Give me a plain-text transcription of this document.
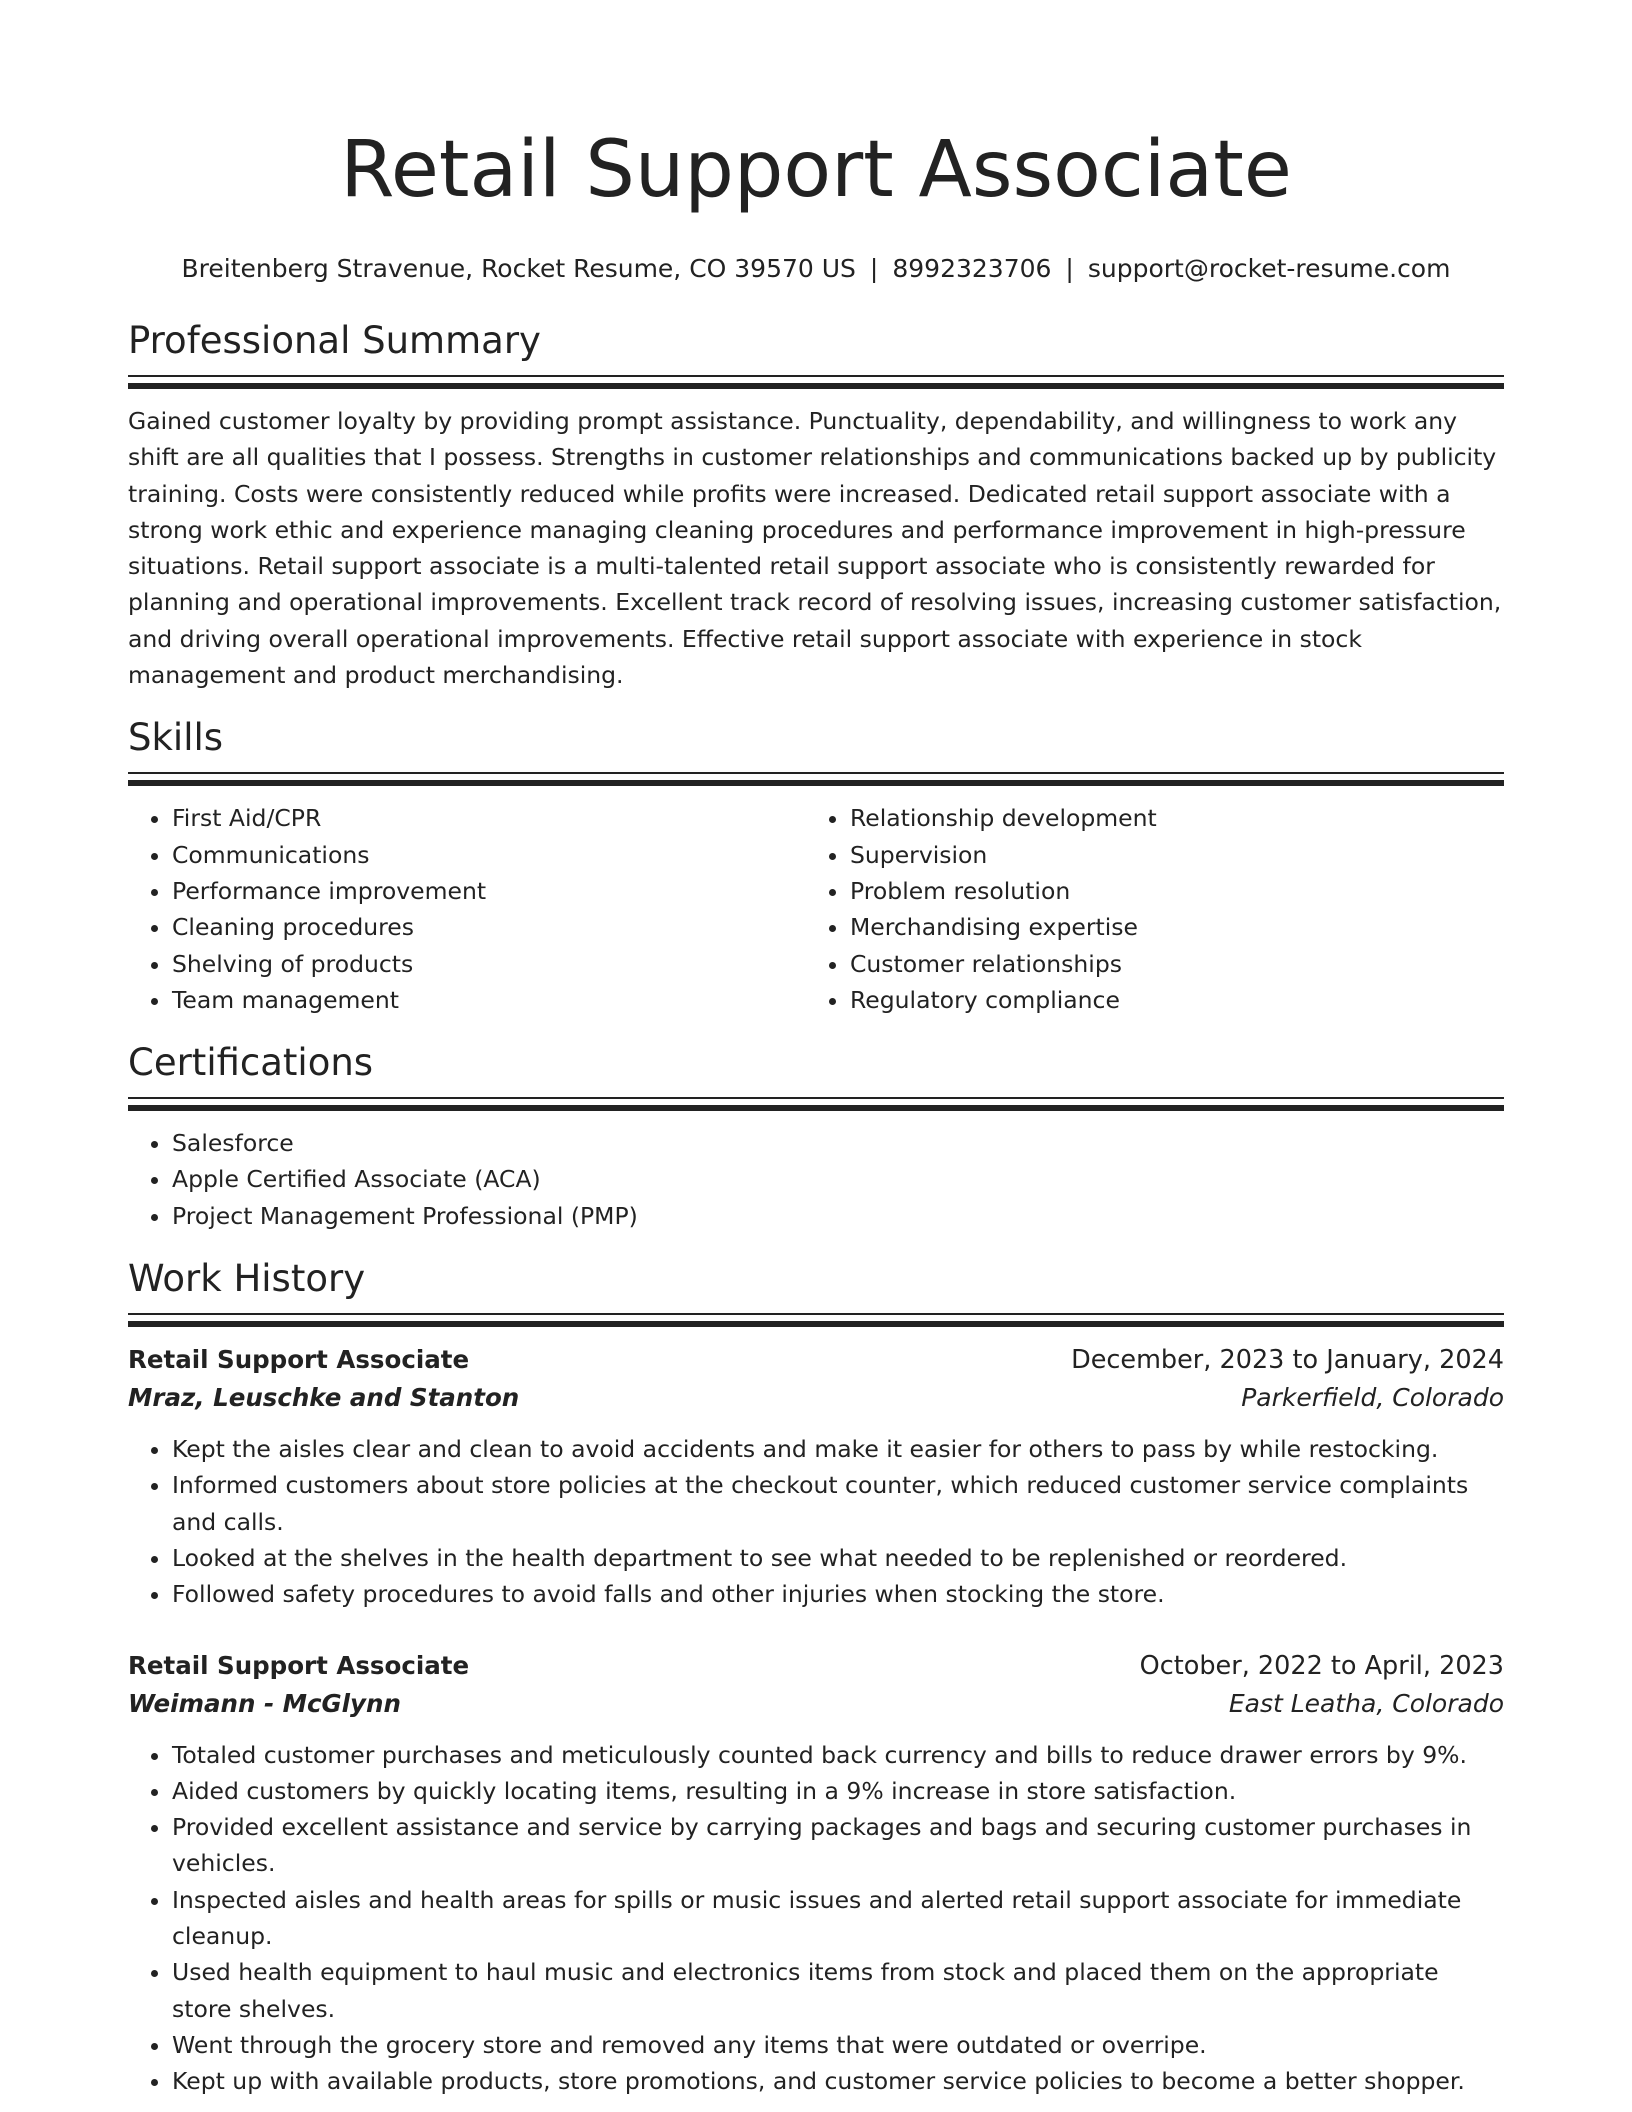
Retail Support Associate
Breitenberg Stravenue, Rocket Resume, CO 39570 US | 8992323706 | support@rocket-resume.com
Professional Summary

Gained customer loyalty by providing prompt assistance. Punctuality, dependability, and willingness to work any shift are all qualities that I possess. Strengths in customer relationships and communications backed up by publicity training. Costs were consistently reduced while profits were increased. Dedicated retail support associate with a strong work ethic and experience managing cleaning procedures and performance improvement in high-pressure situations. Retail support associate is a multi-talented retail support associate who is consistently rewarded for planning and operational improvements. Excellent track record of resolving issues, increasing customer satisfaction, and driving overall operational improvements. Effective retail support associate with experience in stock management and product merchandising.

Skills
• First Aid/CPR
• Communications
• Performance improvement
• Cleaning procedures
• Shelving of products
• Team management
• Relationship development
• Supervision
• Problem resolution
• Merchandising expertise
• Customer relationships
• Regulatory compliance
Certifications
• Salesforce
• Apple Certified Associate (ACA)
• Project Management Professional (PMP)
Work History
Retail Support Associate	December, 2023 to January, 2024
Mraz, Leuschke and Stanton	Parkerfield, Colorado
• Kept the aisles clear and clean to avoid accidents and make it easier for others to pass by while restocking.
• Informed customers about store policies at the checkout counter, which reduced customer service complaints and calls.
• Looked at the shelves in the health department to see what needed to be replenished or reordered.
• Followed safety procedures to avoid falls and other injuries when stocking the store.
Retail Support Associate	October, 2022 to April, 2023
Weimann - McGlynn	East Leatha, Colorado
• Totaled customer purchases and meticulously counted back currency and bills to reduce drawer errors by 9%.
• Aided customers by quickly locating items, resulting in a 9% increase in store satisfaction.
• Provided excellent assistance and service by carrying packages and bags and securing customer purchases in vehicles.
• Inspected aisles and health areas for spills or music issues and alerted retail support associate for immediate cleanup.
• Used health equipment to haul music and electronics items from stock and placed them on the appropriate store shelves.
• Went through the grocery store and removed any items that were outdated or overripe.
• Kept up with available products, store promotions, and customer service policies to become a better shopper.
